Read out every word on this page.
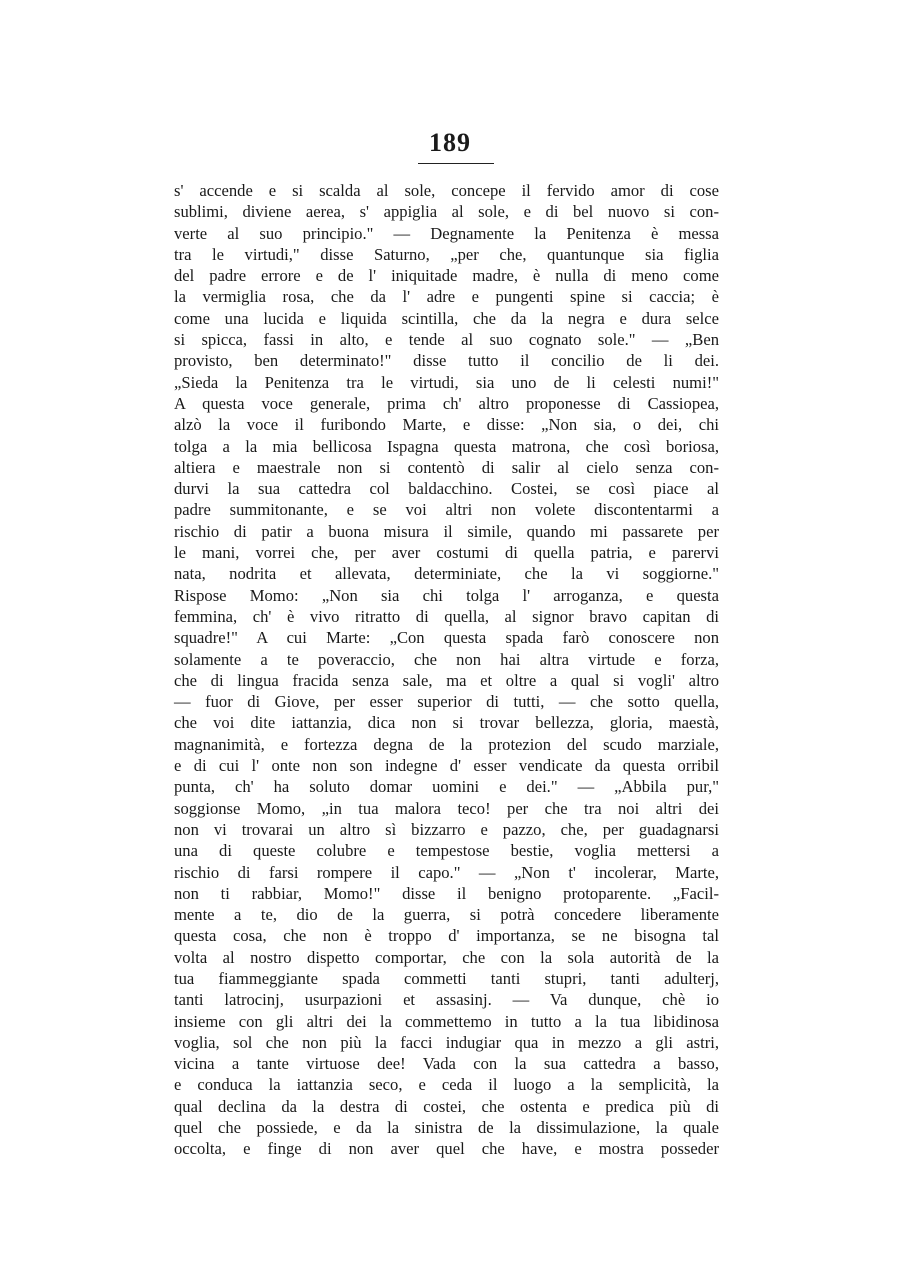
189
s' accende e si scalda al sole, concepe il fervido amor di cose
sublimi, diviene aerea, s' appiglia al sole, e di bel nuovo si con-
verte al suo principio." — Degnamente la Penitenza è messa
tra le virtudi," disse Saturno, „per che, quantunque sia figlia
del padre errore e de l' iniquitade madre, è nulla di meno come
la vermiglia rosa, che da l' adre e pungenti spine si caccia; è
come una lucida e liquida scintilla, che da la negra e dura selce
si spicca, fassi in alto, e tende al suo cognato sole." — „Ben
provisto, ben determinato!" disse tutto il concilio de li dei.
„Sieda la Penitenza tra le virtudi, sia uno de li celesti numi!"
A questa voce generale, prima ch' altro proponesse di Cassiopea,
alzò la voce il furibondo Marte, e disse: „Non sia, o dei, chi
tolga a la mia bellicosa Ispagna questa matrona, che così boriosa,
altiera e maestrale non si contentò di salir al cielo senza con-
durvi la sua cattedra col baldacchino. Costei, se così piace al
padre summitonante, e se voi altri non volete discontentarmi a
rischio di patir a buona misura il simile, quando mi passarete per
le mani, vorrei che, per aver costumi di quella patria, e parervi
nata, nodrita et allevata, determiniate, che la vi soggiorne."
Rispose Momo: „Non sia chi tolga l' arroganza, e questa
femmina, ch' è vivo ritratto di quella, al signor bravo capitan di
squadre!" A cui Marte: „Con questa spada farò conoscere non
solamente a te poveraccio, che non hai altra virtude e forza,
che di lingua fracida senza sale, ma et oltre a qual si vogli' altro
— fuor di Giove, per esser superior di tutti, — che sotto quella,
che voi dite iattanzia, dica non si trovar bellezza, gloria, maestà,
magnanimità, e fortezza degna de la protezion del scudo marziale,
e di cui l' onte non son indegne d' esser vendicate da questa orribil
punta, ch' ha soluto domar uomini e dei." — „Abbila pur,"
soggionse Momo, „in tua malora teco! per che tra noi altri dei
non vi trovarai un altro sì bizzarro e pazzo, che, per guadagnarsi
una di queste colubre e tempestose bestie, voglia mettersi a
rischio di farsi rompere il capo." — „Non t' incolerar, Marte,
non ti rabbiar, Momo!" disse il benigno protoparente. „Facil-
mente a te, dio de la guerra, si potrà concedere liberamente
questa cosa, che non è troppo d' importanza, se ne bisogna tal
volta al nostro dispetto comportar, che con la sola autorità de la
tua fiammeggiante spada commetti tanti stupri, tanti adulterj,
tanti latrocinj, usurpazioni et assasinj. — Va dunque, chè io
insieme con gli altri dei la commettemo in tutto a la tua libidinosa
voglia, sol che non più la facci indugiar qua in mezzo a gli astri,
vicina a tante virtuose dee! Vada con la sua cattedra a basso,
e conduca la iattanzia seco, e ceda il luogo a la semplicità, la
qual declina da la destra di costei, che ostenta e predica più di
quel che possiede, e da la sinistra de la dissimulazione, la quale
occolta, e finge di non aver quel che have, e mostra posseder
